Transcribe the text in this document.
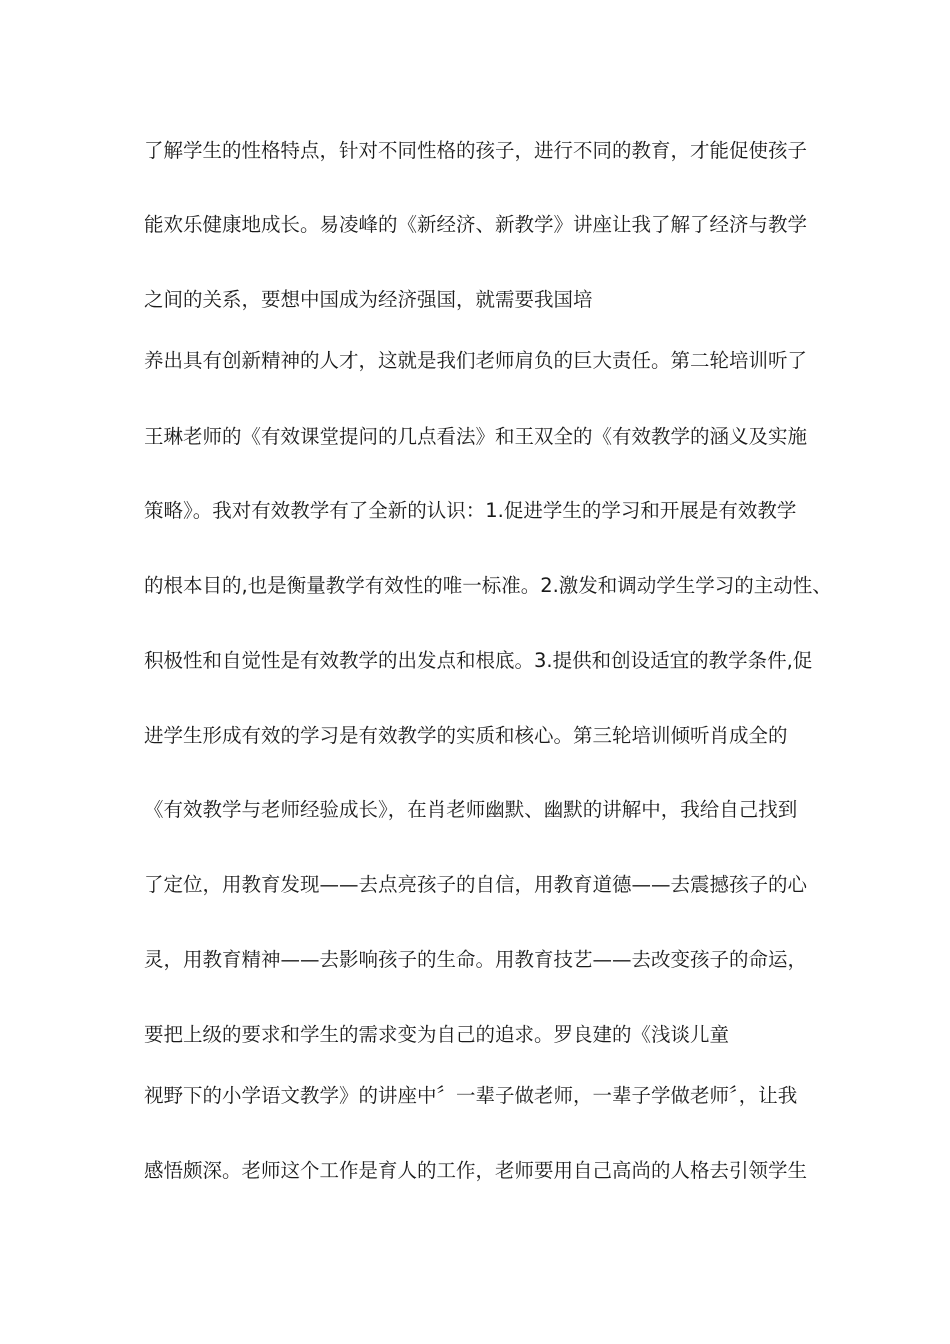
了解学生的性格特点，针对不同性格的孩子，进行不同的教育，才能促使孩子
能欢乐健康地成长。易凌峰的《新经济、新教学》讲座让我了解了经济与教学
之间的关系，要想中国成为经济强国，就需要我国培
养出具有创新精神的人才，这就是我们老师肩负的巨大责任。第二轮培训听了
王琳老师的《有效课堂提问的几点看法》和王双全的《有效教学的涵义及实施
策略》。我对有效教学有了全新的认识：1.促进学生的学习和开展是有效教学
的根本目的,也是衡量教学有效性的唯一标准。2.激发和调动学生学习的主动性、
积极性和自觉性是有效教学的出发点和根底。3.提供和创设适宜的教学条件,促
进学生形成有效的学习是有效教学的实质和核心。第三轮培训倾听肖成全的
《有效教学与老师经验成长》，在肖老师幽默、幽默的讲解中，我给自己找到
了定位，用教育发现——去点亮孩子的自信，用教育道德——去震撼孩子的心
灵，用教育精神——去影响孩子的生命。用教育技艺——去改变孩子的命运，
要把上级的要求和学生的需求变为自己的追求。罗良建的《浅谈儿童
视野下的小学语文教学》的讲座中〞一辈子做老师，一辈子学做老师〞，让我
感悟颇深。老师这个工作是育人的工作，老师要用自己高尚的人格去引领学生
